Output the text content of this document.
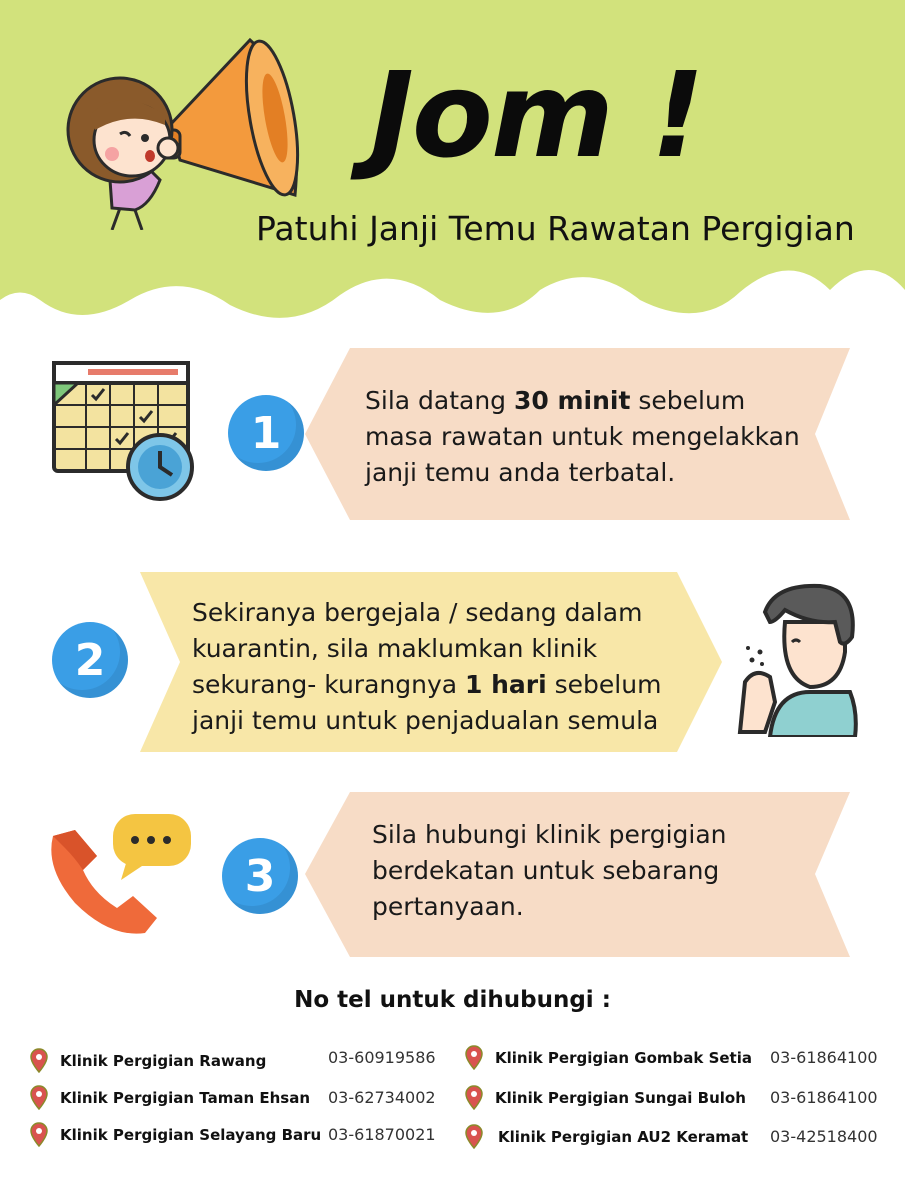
Jom !
Patuhi Janji Temu Rawatan Pergigian
1
Sila datang 30 minit sebelum masa rawatan untuk mengelakkan janji temu anda terbatal.
2
Sekiranya bergejala / sedang dalam kuarantin, sila maklumkan klinik sekurang- kurangnya 1 hari sebelum janji temu untuk penjadualan semula
3
Sila hubungi klinik pergigian berdekatan untuk sebarang pertanyaan.
No tel untuk dihubungi :
Klinik Pergigian Rawang	03-60919586
Klinik Pergigian Taman Ehsan 03-62734002
Klinik Pergigian Selayang Baru 03-61870021
Klinik Pergigian Gombak Setia 03-61864100
Klinik Pergigian Sungai Buloh 03-61864100
Klinik Pergigian AU2 Keramat 03-42518400
